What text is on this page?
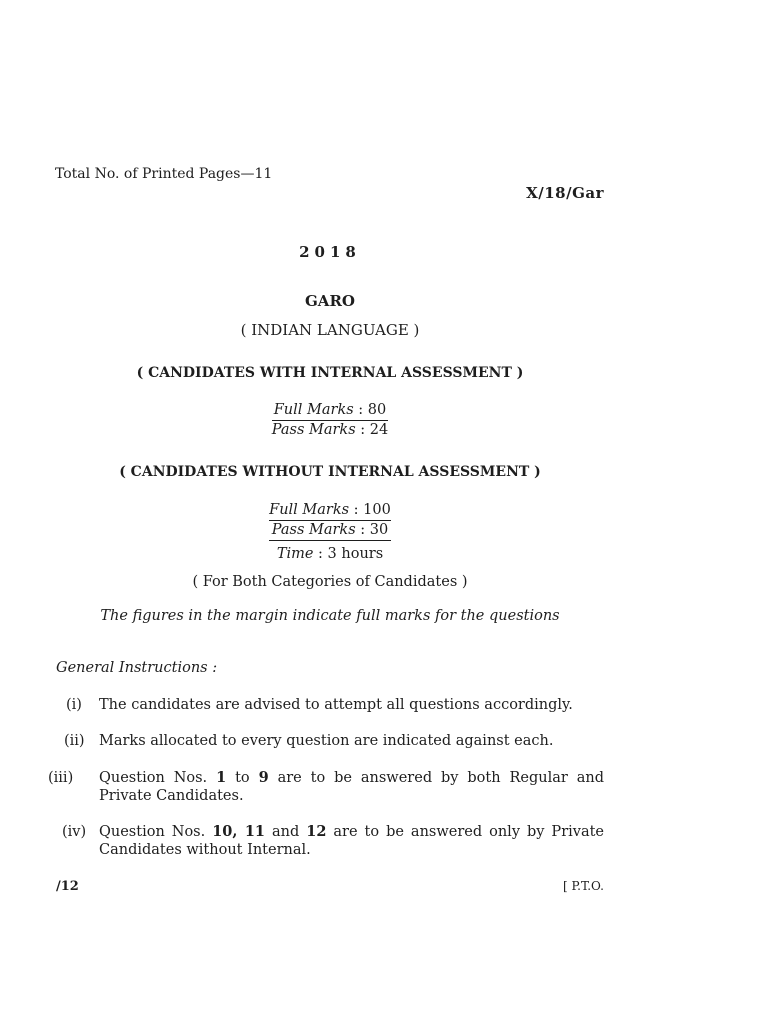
Total No. of Printed Pages—11
X/18/Gar
2018
GARO
( INDIAN LANGUAGE )
( CANDIDATES WITH INTERNAL ASSESSMENT )
Full Marks : 80
Pass Marks : 24
( CANDIDATES WITHOUT INTERNAL ASSESSMENT )
Full Marks : 100
Pass Marks : 30
Time : 3 hours
( For Both Categories of Candidates )
The figures in the margin indicate full marks for the questions
General Instructions :
(i)	The candidates are advised to attempt all questions accordingly.
(ii) Marks allocated to every question are indicated against each.
(iii)	Question Nos. 1 to 9 are to be answered by both Regular and
Private Candidates.
(iv) Question Nos. 10, 11 and 12 are to be answered only by Private
Candidates without Internal.
/12	[ P.T.O.
